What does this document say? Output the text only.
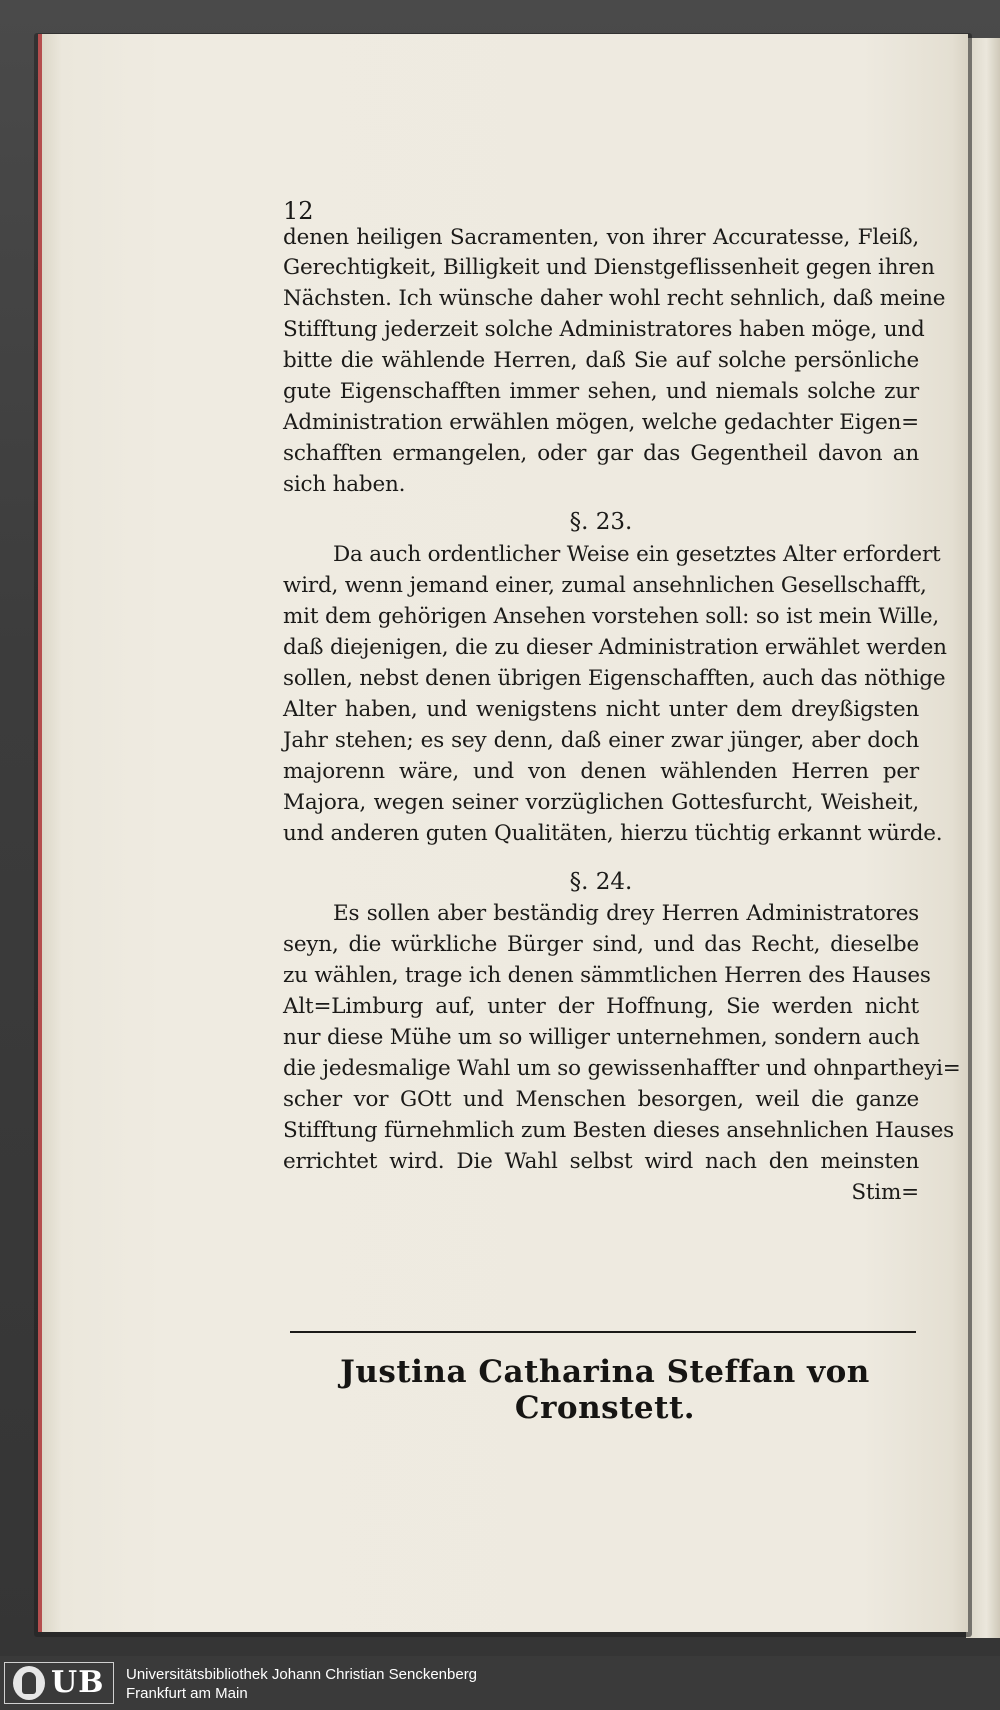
12
denen heiligen Sacramenten, von ihrer Accuratesse, Fleiß,
Gerechtigkeit, Billigkeit und Dienstgeflissenheit gegen ihren
Nächsten. Ich wünsche daher wohl recht sehnlich, daß meine
Stifftung jederzeit solche Administratores haben möge, und
bitte die wählende Herren, daß Sie auf solche persönliche
gute Eigenschafften immer sehen, und niemals solche zur
Administration erwählen mögen, welche gedachter Eigen=
schafften ermangelen, oder gar das Gegentheil davon an
sich haben.
§. 23.
Da auch ordentlicher Weise ein gesetztes Alter erfordert
wird, wenn jemand einer, zumal ansehnlichen Gesellschafft,
mit dem gehörigen Ansehen vorstehen soll: so ist mein Wille,
daß diejenigen, die zu dieser Administration erwählet werden
sollen, nebst denen übrigen Eigenschafften, auch das nöthige
Alter haben, und wenigstens nicht unter dem dreyßigsten
Jahr stehen; es sey denn, daß einer zwar jünger, aber doch
majorenn wäre, und von denen wählenden Herren per
Majora, wegen seiner vorzüglichen Gottesfurcht, Weisheit,
und anderen guten Qualitäten, hierzu tüchtig erkannt würde.
§. 24.
Es sollen aber beständig drey Herren Administratores
seyn, die würkliche Bürger sind, und das Recht, dieselbe
zu wählen, trage ich denen sämmtlichen Herren des Hauses
Alt=Limburg auf, unter der Hoffnung, Sie werden nicht
nur diese Mühe um so williger unternehmen, sondern auch
die jedesmalige Wahl um so gewissenhaffter und ohnpartheyi=
scher vor GOtt und Menschen besorgen, weil die ganze
Stifftung fürnehmlich zum Besten dieses ansehnlichen Hauses
errichtet wird. Die Wahl selbst wird nach den meinsten
Stim=
Justina Catharina Steffan von Cronstett.
UB Universitätsbibliothek Johann Christian Senckenberg
Frankfurt am Main
